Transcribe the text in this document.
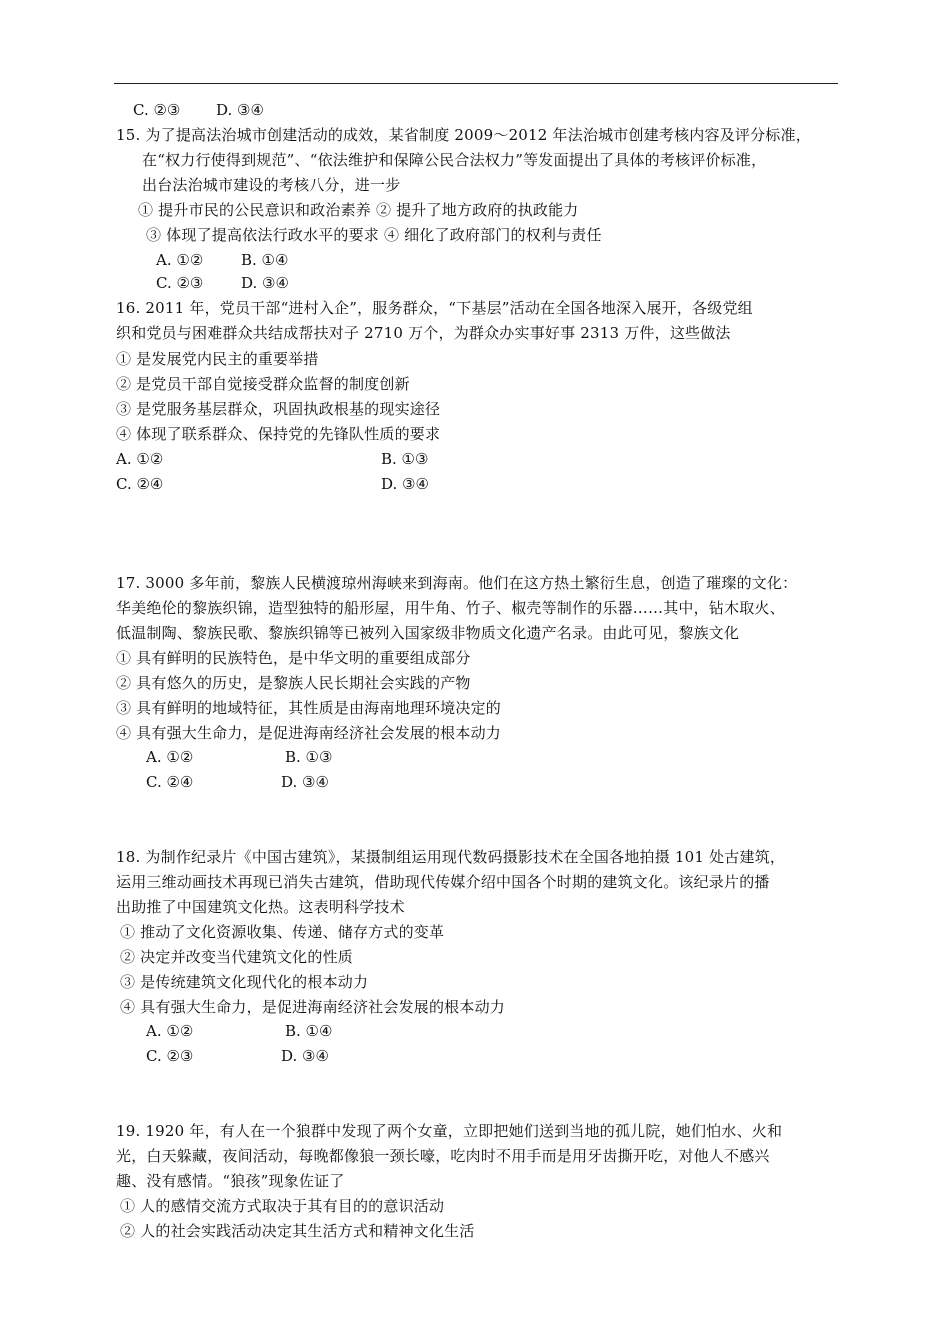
C. ②③ D. ③④
15. 为了提高法治城市创建活动的成效，某省制度 2009～2012 年法治城市创建考核内容及评分标准，
在“权力行使得到规范”、“依法维护和保障公民合法权力”等发面提出了具体的考核评价标准，
出台法治城市建设的考核八分，进一步
① 提升市民的公民意识和政治素养 ② 提升了地方政府的执政能力
③ 体现了提高依法行政水平的要求 ④ 细化了政府部门的权利与责任
A. ①②	B. ①④
C. ②③	D. ③④
16. 2011 年，党员干部“进村入企”，服务群众，“下基层”活动在全国各地深入展开，各级党组
织和党员与困难群众共结成帮扶对子 2710 万个，为群众办实事好事 2313 万件，这些做法
① 是发展党内民主的重要举措
② 是党员干部自觉接受群众监督的制度创新
③ 是党服务基层群众，巩固执政根基的现实途径
④ 体现了联系群众、保持党的先锋队性质的要求
A. ①②	B. ①③
C. ②④	D. ③④
17. 3000 多年前，黎族人民横渡琼州海峡来到海南。他们在这方热土繁衍生息，创造了璀璨的文化：
华美绝伦的黎族织锦，造型独特的船形屋，用牛角、竹子、椒壳等制作的乐器……其中，钻木取火、
低温制陶、黎族民歌、黎族织锦等已被列入国家级非物质文化遗产名录。由此可见，黎族文化
① 具有鲜明的民族特色，是中华文明的重要组成部分
② 具有悠久的历史，是黎族人民长期社会实践的产物
③ 具有鲜明的地域特征，其性质是由海南地理环境决定的
④ 具有强大生命力，是促进海南经济社会发展的根本动力
A. ①②	B. ①③
C. ②④	D. ③④
18. 为制作纪录片《中国古建筑》，某摄制组运用现代数码摄影技术在全国各地拍摄 101 处古建筑，
运用三维动画技术再现已消失古建筑，借助现代传媒介绍中国各个时期的建筑文化。该纪录片的播
出助推了中国建筑文化热。这表明科学技术
① 推动了文化资源收集、传递、储存方式的变革
② 决定并改变当代建筑文化的性质
③ 是传统建筑文化现代化的根本动力
④ 具有强大生命力，是促进海南经济社会发展的根本动力
A. ①②	B. ①④
C. ②③	D. ③④
19. 1920 年，有人在一个狼群中发现了两个女童，立即把她们送到当地的孤儿院，她们怕水、火和
光，白天躲藏，夜间活动，每晚都像狼一颈长嚎，吃肉时不用手而是用牙齿撕开吃，对他人不感兴
趣、没有感情。“狼孩”现象佐证了
① 人的感情交流方式取决于其有目的的意识活动
② 人的社会实践活动决定其生活方式和精神文化生活
